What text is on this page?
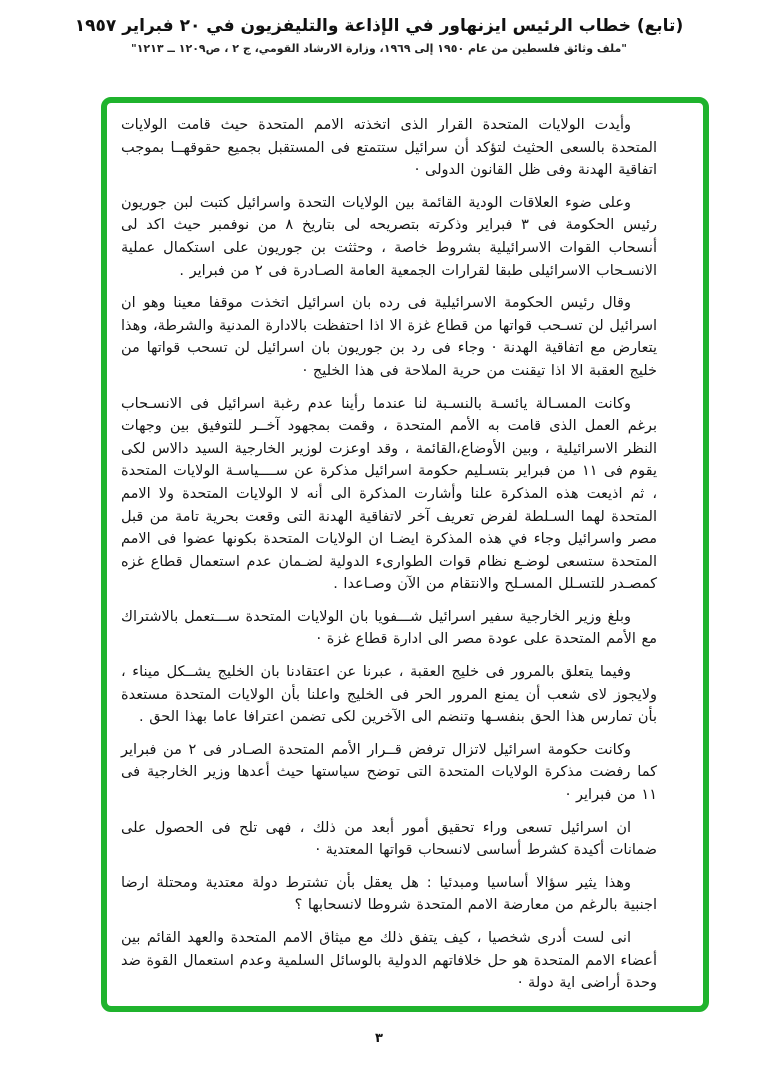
(تابع) خطاب الرئيس ايزنهاور في الإذاعة والتليفزيون في ٢٠ فبراير ١٩٥٧

"ملف وثائق فلسطين من عام ١٩٥٠ إلى ١٩٦٩، وزارة الارشاد القومي، ج ٢ ، ص١٢٠٩ ــ ١٢١٣"

وأيدت الولايات المتحدة القرار الذى اتخذته الامم المتحدة حيث قامت الولايات المتحدة بالسعى الحثيث لتؤكد أن سرائيل ستتمتع فى المستقبل بجميع حقوقهــا بموجب اتفاقية الهدنة وفى ظل القانون الدولى ·

وعلى ضوء العلاقات الودية القائمة بين الولايات التحدة واسرائيل كتبت لبن جوريون رئيس الحكومة فى ٣ فبراير وذكرته بتصريحه لى بتاريخ ٨ من نوفمبر حيث اكد لى أنسحاب القوات الاسرائيلية بشروط خاصة ، وحثثت بن جوريون على استكمال عملية الانسـحاب الاسرائيلى طبقا لقرارات الجمعية العامة الصـادرة فى ٢ من فبراير .

وقال رئيس الحكومة الاسرائيلية فى رده بان اسرائيل اتخذت موقفا معينا وهو ان اسرائيل لن تسـحب قواتها من قطاع غزة الا اذا احتفظت بالادارة المدنية والشرطة، وهذا يتعارض مع اتفاقية الهدنة · وجاء فى رد بن جوريون بان اسرائيل لن تسحب قواتها من خليج العقبة الا اذا تيقنت من حرية الملاحة فى هذا الخليج ·

وكانت المسـالة يائسـة بالنسـبة لنا عندما رأينا عدم رغبة اسرائيل فى الانسـحاب برغم العمل الذى قامت به الأمم المتحدة ، وقمت بمجهود آخــر للتوفيق بين وجهات النظر الاسرائيلية ، وبين الأوضاع،القائمة ، وقد اوعزت لوزير الخارجية السيد دالاس لكى يقوم فى ١١ من فبراير بتسـليم حكومة اسرائيل مذكرة عن ســــياسـة الولايات المتحدة ، ثم اذيعت هذه المذكرة علنا وأشارت المذكرة الى أنه لا الولايات المتحدة ولا الامم المتحدة لهما السـلطة لفرض تعريف آخر لاتفاقية الهدنة التى وقعت بحرية تامة من قبل مصر واسرائيل وجاء في هذه المذكرة ايضـا ان الولايات المتحدة بكونها عضوا فى الامم المتحدة ستسعى لوضـع نظام قوات الطوارىء الدولية لضـمان عدم استعمال قطاع غزه كمصـدر للتسـلل المسـلح والانتقام من الآن وصـاعدا .

وبلغ وزير الخارجية سفير اسرائيل شـــفويا بان الولايات المتحدة ســـتعمل بالاشتراك مع الأمم المتحدة على عودة مصر الى ادارة قطاع غزة ·

وفيما يتعلق بالمرور فى خليج العقبة ، عبرنا عن اعتقادنا بان الخليج يشــكل ميناء ، ولايجوز لاى شعب أن يمنع المرور الحر فى الخليج واعلنا بأن الولايات المتحدة مستعدة بأن تمارس هذا الحق بنفسـها وتنضم الى الآخرين لكى تضمن اعترافا عاما بهذا الحق .

وكانت حكومة اسرائيل لاتزال ترفض قــرار الأمم المتحدة الصـادر فى ٢ من فبراير كما رفضت مذكرة الولايات المتحدة التى توضح سياستها حيث أعدها وزير الخارجية فى ١١ من فبراير ·

ان اسرائيل تسعى وراء تحقيق أمور أبعد من ذلك ، فهى تلح فى الحصول على ضمانات أكيدة كشرط أساسى لانسحاب قواتها المعتدية ·

وهذا يثير سؤالا أساسيا ومبدئيا : هل يعقل بأن تشترط دولة معتدية ومحتلة ارضا اجنبية بالرغم من معارضة الامم المتحدة شروطا لانسحابها ؟

انى لست أدرى شخصيا ، كيف يتفق ذلك مع ميثاق الامم المتحدة والعهد القائم بين أعضاء الامم المتحدة هو حل خلافاتهم الدولية بالوسائل السلمية وعدم استعمال القوة ضد وحدة أراضى اية دولة ·

٣
